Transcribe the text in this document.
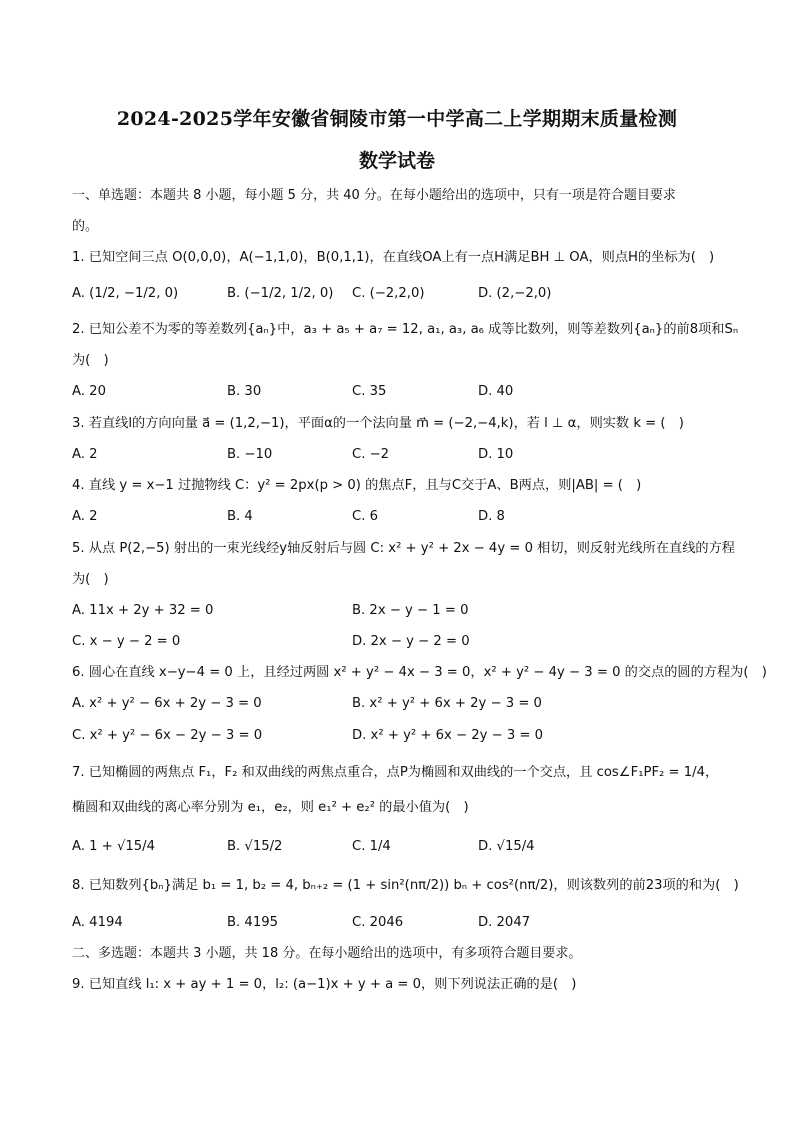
2024-2025学年安徽省铜陵市第一中学高二上学期期末质量检测
数学试卷
一、单选题：本题共 8 小题，每小题 5 分，共 40 分。在每小题给出的选项中，只有一项是符合题目要求
的。
1. 已知空间三点 O(0,0,0)，A(−1,1,0)，B(0,1,1)，在直线OA上有一点H满足BH ⊥ OA，则点H的坐标为(　)
A. (1/2, −1/2, 0)	B. (−1/2, 1/2, 0) C. (−2,2,0)	D. (2,−2,0)
2. 已知公差不为零的等差数列{aₙ}中，a₃ + a₅ + a₇ = 12, a₁, a₃, a₆ 成等比数列，则等差数列{aₙ}的前8项和Sₙ
为(　)
A. 20	B. 30	C. 35	D. 40
3. 若直线l的方向向量 a⃗ = (1,2,−1)，平面α的一个法向量 m⃗ = (−2,−4,k)，若 l ⊥ α，则实数 k = (　)
A. 2	B. −10	C. −2	D. 10
4. 直线 y = x−1 过抛物线 C：y² = 2px(p > 0) 的焦点F，且与C交于A、B两点，则|AB| = (　)
A. 2	B. 4	C. 6	D. 8
5. 从点 P(2,−5) 射出的一束光线经y轴反射后与圆 C: x² + y² + 2x − 4y = 0 相切，则反射光线所在直线的方程
为(　)
A. 11x + 2y + 32 = 0	B. 2x − y − 1 = 0
C. x − y − 2 = 0	D. 2x − y − 2 = 0
6. 圆心在直线 x−y−4 = 0 上，且经过两圆 x² + y² − 4x − 3 = 0，x² + y² − 4y − 3 = 0 的交点的圆的方程为(　)
A. x² + y² − 6x + 2y − 3 = 0	B. x² + y² + 6x + 2y − 3 = 0
C. x² + y² − 6x − 2y − 3 = 0	D. x² + y² + 6x − 2y − 3 = 0
7. 已知椭圆的两焦点 F₁，F₂ 和双曲线的两焦点重合，点P为椭圆和双曲线的一个交点，且 cos∠F₁PF₂ = 1/4，
椭圆和双曲线的离心率分别为 e₁，e₂，则 e₁² + e₂² 的最小值为(　)
A. 1 + √15/4	B. √15/2	C. 1/4	D. √15/4
8. 已知数列{bₙ}满足 b₁ = 1, b₂ = 4, bₙ₊₂ = (1 + sin²(nπ/2)) bₙ + cos²(nπ/2)，则该数列的前23项的和为(　)
A. 4194	B. 4195	C. 2046	D. 2047
二、多选题：本题共 3 小题，共 18 分。在每小题给出的选项中，有多项符合题目要求。
9. 已知直线 l₁: x + ay + 1 = 0，l₂: (a−1)x + y + a = 0，则下列说法正确的是(　)
